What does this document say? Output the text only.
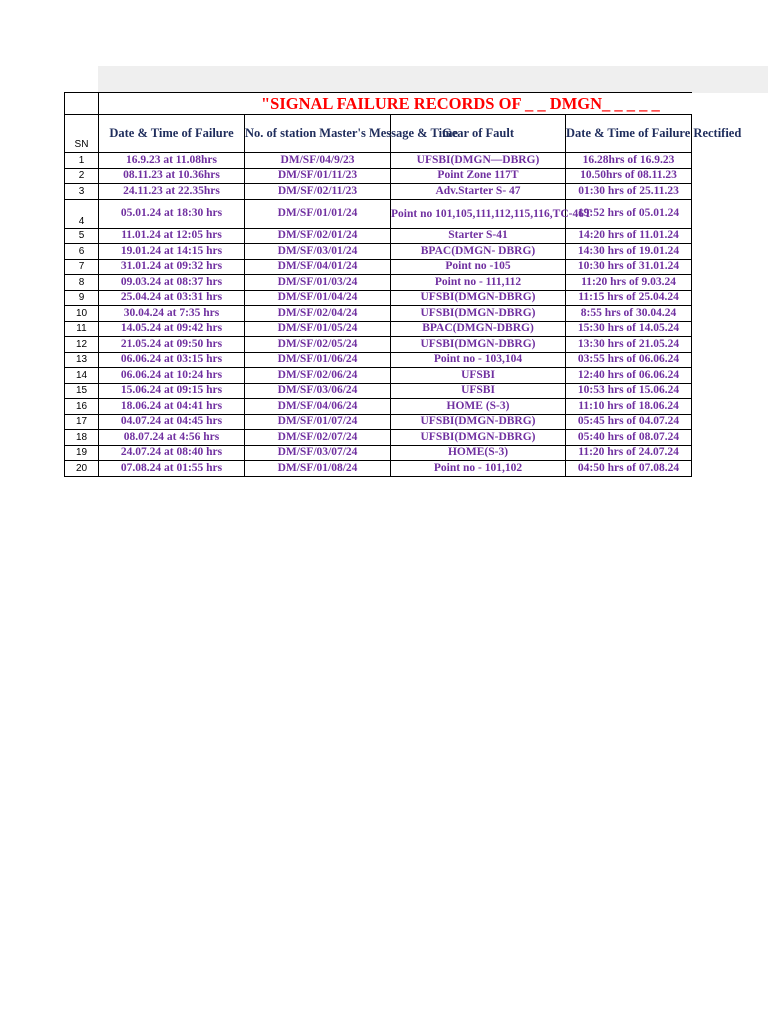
	"SIGNAL FAILURE RECORDS OF _ _ DMGN_ _ _ _ _			
SN	Date & Time of Failure	No. of station Master's Message & Time	Gear of Fault	Date & Time of Failure Rectified
1	16.9.23 at 11.08hrs	DM/SF/04/9/23	UFSBI(DMGN—DBRG)	16.28hrs of 16.9.23
2	08.11.23 at 10.36hrs	DM/SF/01/11/23	Point Zone 117T	10.50hrs of 08.11.23
3	24.11.23 at 22.35hrs	DM/SF/02/11/23	Adv.Starter S- 47	01:30 hrs of 25.11.23
4	05.01.24 at 18:30 hrs	DM/SF/01/01/24	Point no 101,105,111,112,115,116,TC-46T	19:52 hrs of 05.01.24
5	11.01.24 at 12:05 hrs	DM/SF/02/01/24	Starter S-41	14:20 hrs of 11.01.24
6	19.01.24 at 14:15 hrs	DM/SF/03/01/24	BPAC(DMGN- DBRG)	14:30 hrs of 19.01.24
7	31.01.24 at 09:32 hrs	DM/SF/04/01/24	Point no -105	10:30 hrs of 31.01.24
8	09.03.24 at 08:37 hrs	DM/SF/01/03/24	Point no - 111,112	11:20 hrs of 9.03.24
9	25.04.24 at 03:31 hrs	DM/SF/01/04/24	UFSBI(DMGN-DBRG)	11:15 hrs of 25.04.24
10	30.04.24 at 7:35 hrs	DM/SF/02/04/24	UFSBI(DMGN-DBRG)	8:55 hrs of 30.04.24
11	14.05.24 at 09:42 hrs	DM/SF/01/05/24	BPAC(DMGN-DBRG)	15:30 hrs of 14.05.24
12	21.05.24 at 09:50 hrs	DM/SF/02/05/24	UFSBI(DMGN-DBRG)	13:30 hrs of 21.05.24
13	06.06.24 at 03:15 hrs	DM/SF/01/06/24	Point no - 103,104	03:55 hrs of 06.06.24
14	06.06.24 at 10:24 hrs	DM/SF/02/06/24	UFSBI	12:40 hrs of 06.06.24
15	15.06.24 at 09:15 hrs	DM/SF/03/06/24	UFSBI	10:53 hrs of 15.06.24
16	18.06.24 at 04:41 hrs	DM/SF/04/06/24	HOME (S-3)	11:10 hrs of 18.06.24
17	04.07.24 at 04:45 hrs	DM/SF/01/07/24	UFSBI(DMGN-DBRG)	05:45 hrs of 04.07.24
18	08.07.24 at 4:56 hrs	DM/SF/02/07/24	UFSBI(DMGN-DBRG)	05:40 hrs of 08.07.24
19	24.07.24 at 08:40 hrs	DM/SF/03/07/24	HOME(S-3)	11:20 hrs of 24.07.24
20	07.08.24 at 01:55 hrs	DM/SF/01/08/24	Point no - 101,102	04:50 hrs of 07.08.24
